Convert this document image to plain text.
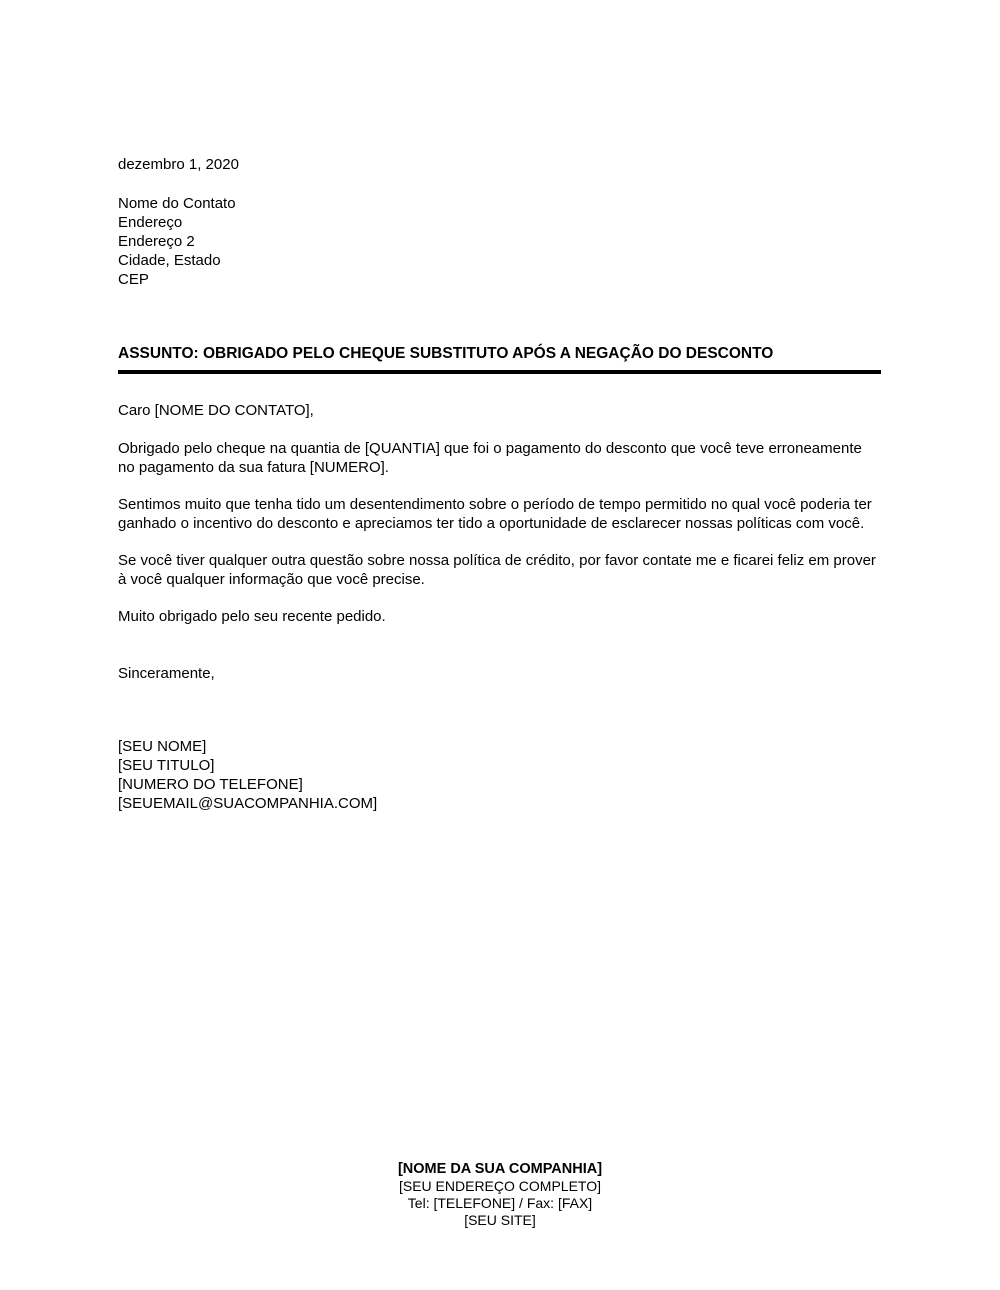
dezembro 1, 2020
Nome do Contato
Endereço
Endereço 2
Cidade, Estado
CEP
ASSUNTO: OBRIGADO PELO CHEQUE SUBSTITUTO APÓS A NEGAÇÃO DO DESCONTO
Caro [NOME DO CONTATO],

Obrigado pelo cheque na quantia de [QUANTIA] que foi o pagamento do desconto que você teve erroneamente no pagamento da sua fatura [NUMERO].

Sentimos muito que tenha tido um desentendimento sobre o período de tempo permitido no qual você poderia ter ganhado o incentivo do desconto e apreciamos ter tido a oportunidade de esclarecer nossas políticas com você.

Se você tiver qualquer outra questão sobre nossa política de crédito, por favor contate me e ficarei feliz em prover à você qualquer informação que você precise.

Muito obrigado pelo seu recente pedido.

Sinceramente,
[SEU NOME]
[SEU TITULO]
[NUMERO DO TELEFONE]
[SEUEMAIL@SUACOMPANHIA.COM]
[NOME DA SUA COMPANHIA]
[SEU ENDEREÇO COMPLETO]
Tel: [TELEFONE] / Fax: [FAX]
[SEU SITE]
